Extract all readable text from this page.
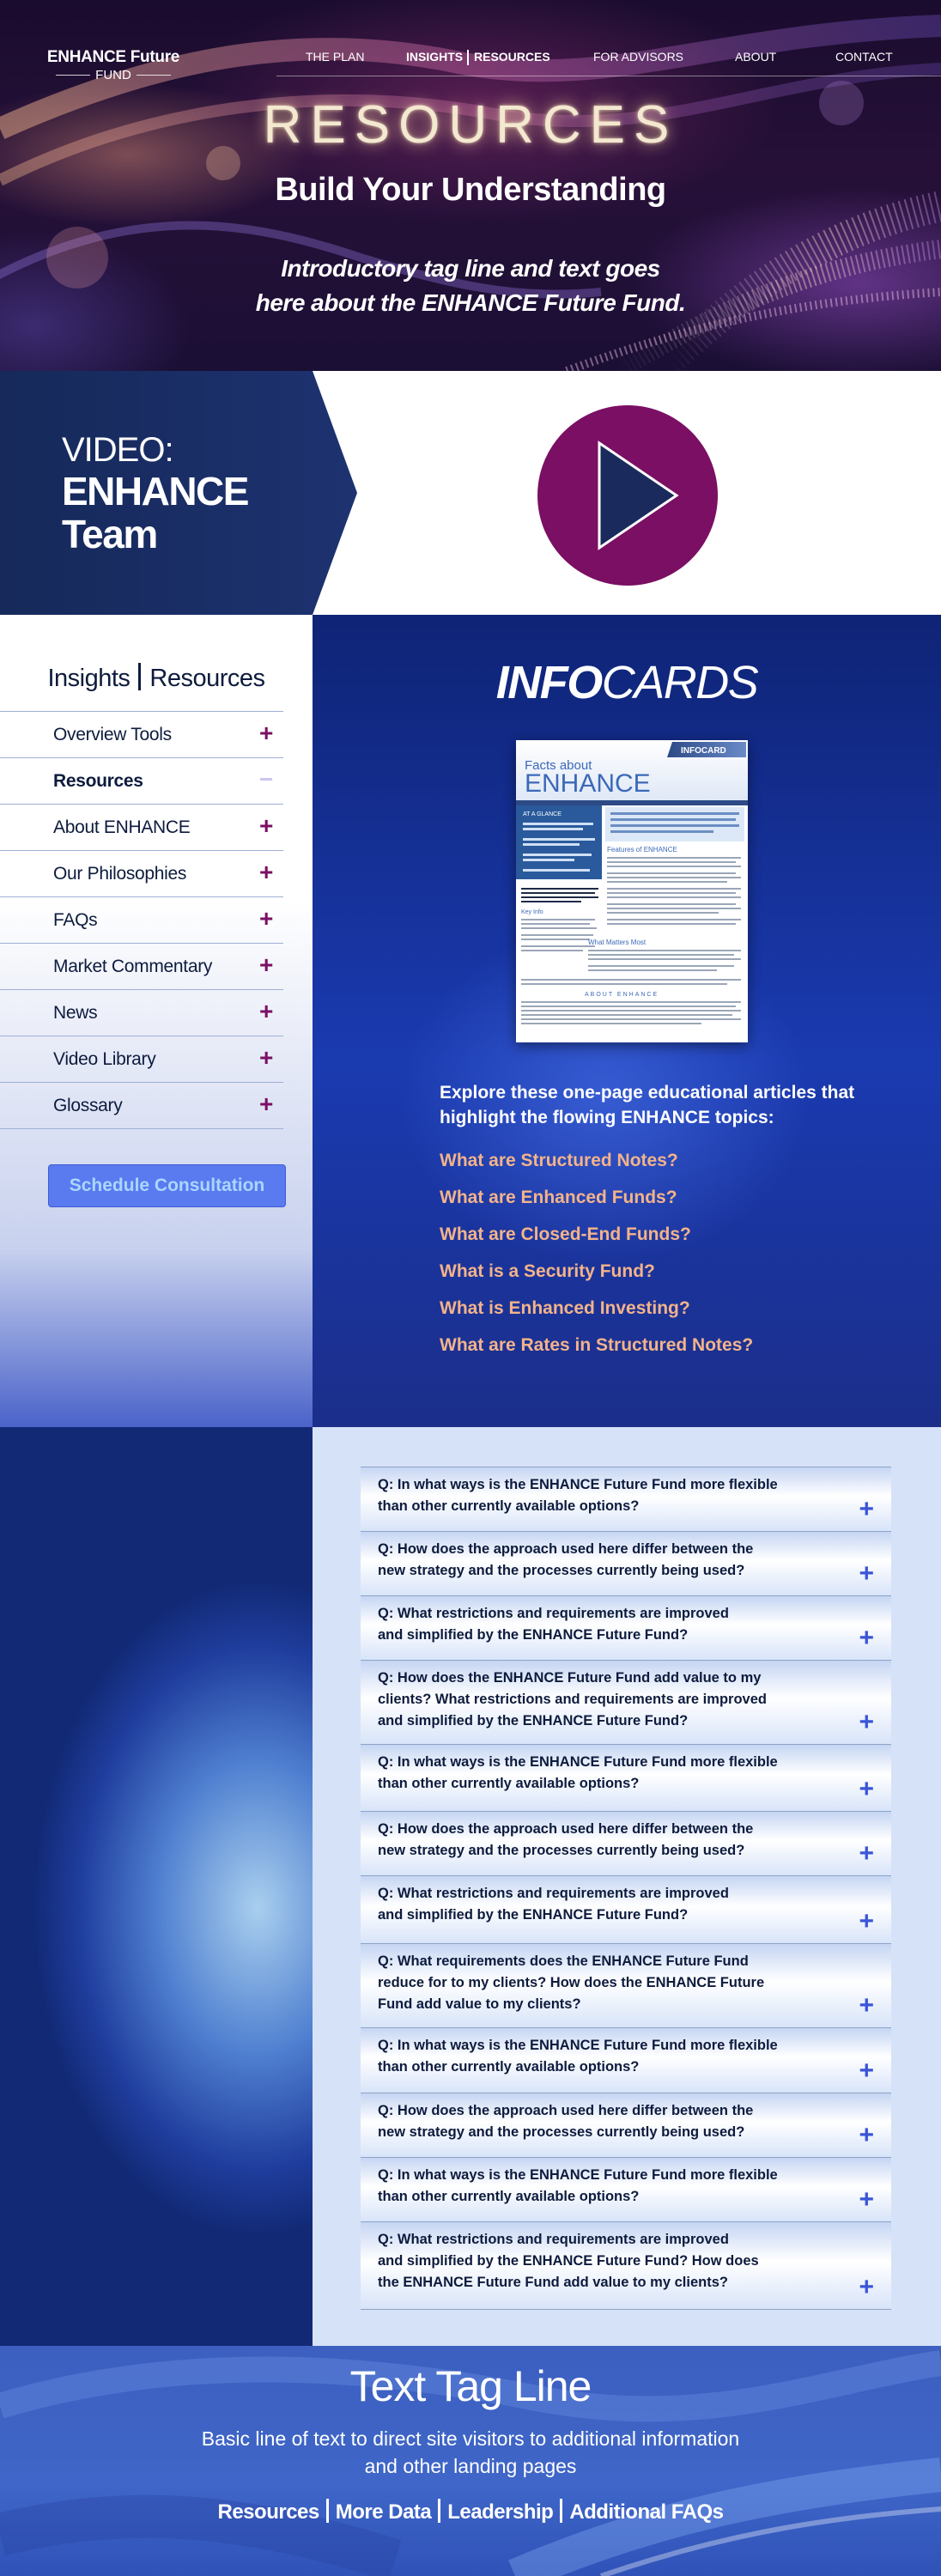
ENHANCE Future
FUND
THE PLAN	INSIGHTS RESOURCES	FOR ADVISORS	ABOUT	CONTACT
RESOURCES
Build Your Understanding
Introductory tag line and text goes
here about the ENHANCE Future Fund.
VIDEO:
ENHANCE
Team
Insights Resources
Overview Tools	+
Resources	−
About ENHANCE	+
Our Philosophies	+
FAQs	+
Market Commentary +
News	+
Video Library	+
Glossary	+
Schedule Consultation
INFOCARDS
INFOCARD
Facts about
ENHANCE
AT A GLANCE
Features of ENHANCE
Key Info
What Matters Most
ABOUT ENHANCE

Explore these one-page educational articles that highlight the flowing ENHANCE topics:

What are Structured Notes?
What are Enhanced Funds?
What are Closed-End Funds?
What is a Security Fund?
What is Enhanced Investing?
What are Rates in Structured Notes?
Q: In what ways is the ENHANCE Future Fund more flexible
than other currently available options?	+
Q: How does the approach used here differ between the
new strategy and the processes currently being used?	+
Q: What restrictions and requirements are improved
and simplified by the ENHANCE Future Fund?	+
Q: How does the ENHANCE Future Fund add value to my
clients? What restrictions and requirements are improved
and simplified by the ENHANCE Future Fund?	+
Q: In what ways is the ENHANCE Future Fund more flexible
than other currently available options?	+
Q: How does the approach used here differ between the
new strategy and the processes currently being used?	+
Q: What restrictions and requirements are improved
and simplified by the ENHANCE Future Fund?	+
Q: What requirements does the ENHANCE Future Fund
reduce for to my clients? How does the ENHANCE Future
Fund add value to my clients?	+
Q: In what ways is the ENHANCE Future Fund more flexible
than other currently available options?	+
Q: How does the approach used here differ between the
new strategy and the processes currently being used?	+
Q: In what ways is the ENHANCE Future Fund more flexible
than other currently available options?	+
Q: What restrictions and requirements are improved
and simplified by the ENHANCE Future Fund? How does
the ENHANCE Future Fund add value to my clients?	+
Text Tag Line
Basic line of text to direct site visitors to additional information
and other landing pages
Resources More Data Leadership Additional FAQs
